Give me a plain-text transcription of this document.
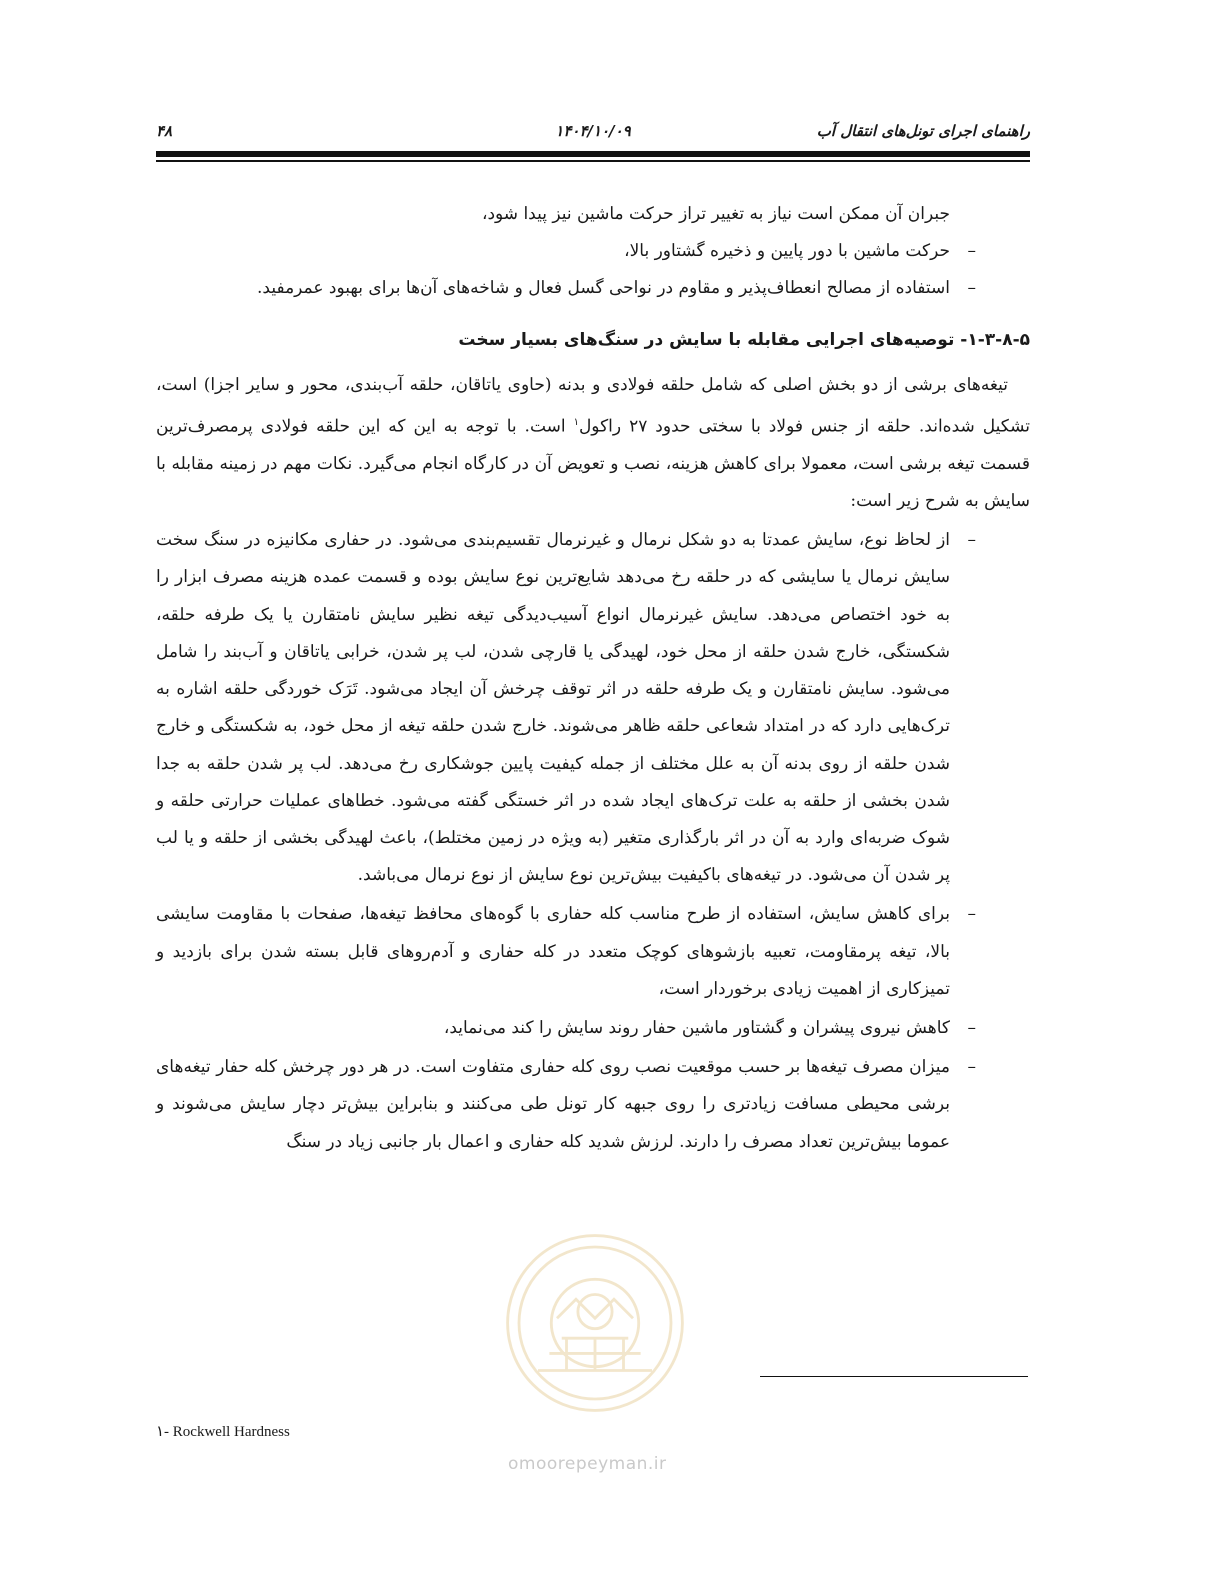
راهنمای اجرای تونل‌های انتقال آب
۱۴۰۴/۱۰/۰۹
۴۸

جبران آن ممکن است نیاز به تغییر تراز حرکت ماشین نیز پیدا شود،

–
حرکت ماشین با دور پایین و ذخیره گشتاور بالا،
–
استفاده از مصالح انعطاف‌پذیر و مقاوم در نواحی گسل فعال و شاخه‌های آن‌ها برای بهبود عمرمفید.

۱-۳-۸-۵- توصیه‌های اجرایی مقابله با سایش در سنگ‌های بسیار سخت

تیغه‌های برشی از دو بخش اصلی که شامل حلقه فولادی و بدنه (حاوی یاتاقان، حلقه آب‌بندی، محور و سایر اجزا) است، تشکیل شده‌اند. حلقه از جنس فولاد با سختی حدود ۲۷ راکول$^۱$ است. با توجه به این که این حلقه فولادی پرمصرف‌ترین قسمت تیغه برشی است، معمولا برای کاهش هزینه، نصب و تعویض آن در کارگاه انجام می‌گیرد. نکات مهم در زمینه مقابله با سایش به شرح زیر است:

–
از لحاظ نوع، سایش عمدتا به دو شکل نرمال و غیرنرمال تقسیم‌بندی می‌شود. در حفاری مکانیزه در سنگ سخت سایش نرمال یا سایشی که در حلقه رخ می‌دهد شایع‌ترین نوع سایش بوده و قسمت عمده هزینه مصرف ابزار را به خود اختصاص می‌دهد. سایش غیرنرمال انواع آسیب‌دیدگی تیغه نظیر سایش نامتقارن یا یک طرفه حلقه، شکستگی، خارج شدن حلقه از محل خود، لهیدگی یا قارچی شدن، لب پر شدن، خرابی یاتاقان و آب‌بند را شامل می‌شود. سایش نامتقارن و یک طرفه حلقه در اثر توقف چرخش آن ایجاد می‌شود. تَرَک خوردگی حلقه اشاره به ترک‌هایی دارد که در امتداد شعاعی حلقه ظاهر می‌شوند. خارج شدن حلقه تیغه از محل خود، به شکستگی و خارج شدن حلقه از روی بدنه آن به علل مختلف از جمله کیفیت پایین جوشکاری رخ می‌دهد. لب پر شدن حلقه به جدا شدن بخشی از حلقه به علت ترک‌های ایجاد شده در اثر خستگی گفته می‌شود. خطاهای عملیات حرارتی حلقه و شوک ضربه‌ای وارد به آن در اثر بارگذاری متغیر (به ویژه در زمین مختلط)، باعث لهیدگی بخشی از حلقه و یا لب پر شدن آن می‌شود. در تیغه‌های باکیفیت بیش‌ترین نوع سایش از نوع نرمال می‌باشد.
–
برای کاهش سایش، استفاده از طرح مناسب کله حفاری با گوه‌های محافظ تیغه‌ها، صفحات با مقاومت سایشی بالا، تیغه پرمقاومت، تعبیه بازشوهای کوچک متعدد در کله حفاری و آدم‌روهای قابل بسته شدن برای بازدید و تمیزکاری از اهمیت زیادی برخوردار است،
–
کاهش نیروی پیشران و گشتاور ماشین حفار روند سایش را کند می‌نماید،
–
میزان مصرف تیغه‌ها بر حسب موقعیت نصب روی کله حفاری متفاوت است. در هر دور چرخش کله حفار تیغه‌های برشی محیطی مسافت زیادتری را روی جبهه کار تونل طی می‌کنند و بنابراین بیش‌تر دچار سایش می‌شوند و عموما بیش‌ترین تعداد مصرف را دارند. لرزش شدید کله حفاری و اعمال بار جانبی زیاد در سنگ
۱- Rockwell Hardness
omoorepeyman.ir
